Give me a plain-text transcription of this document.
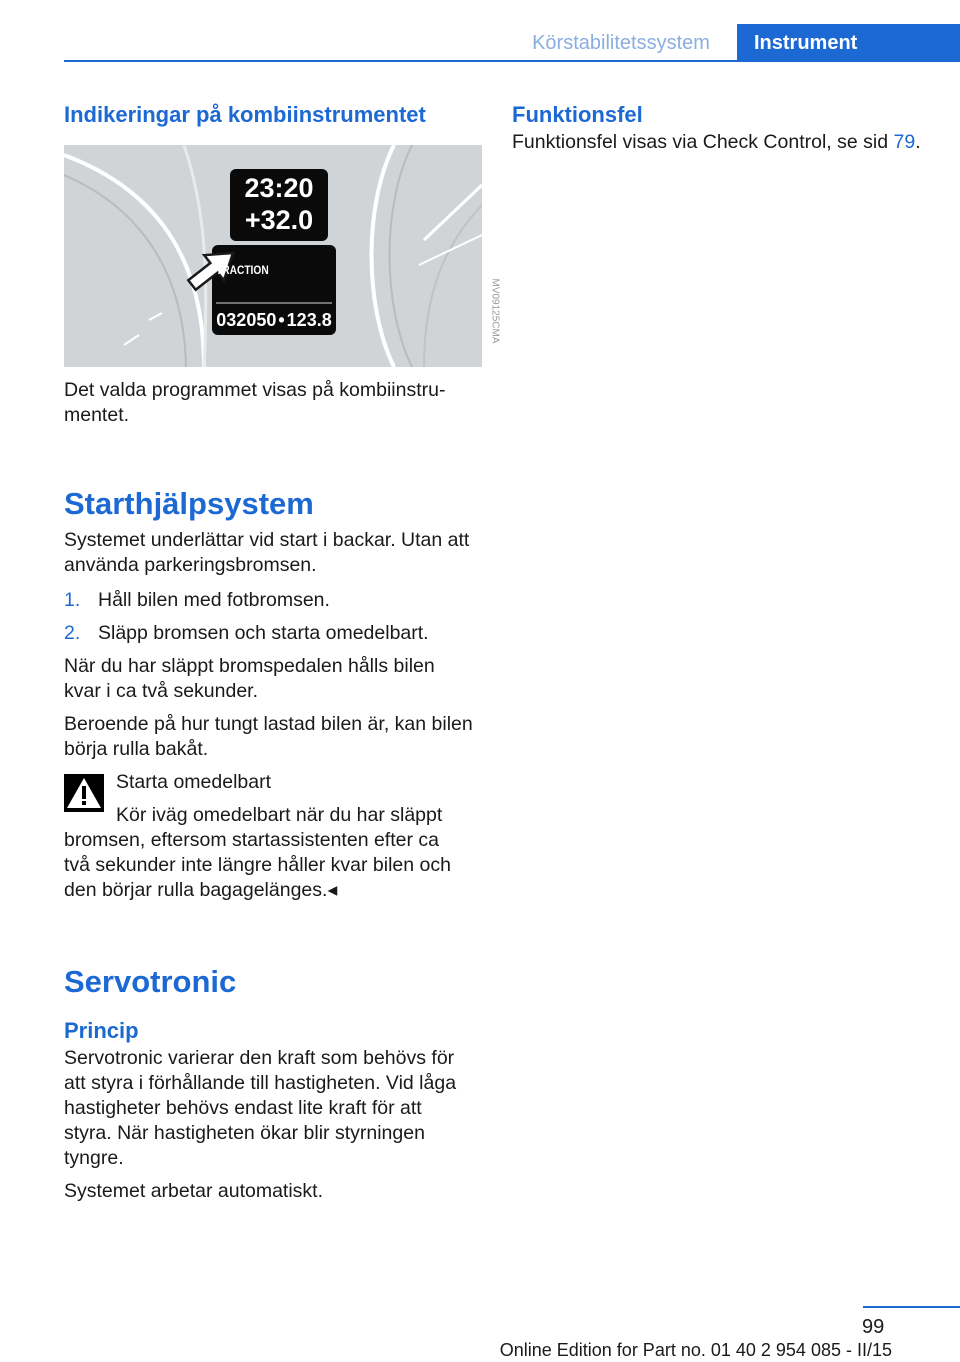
Körstabilitetssystem	Instrument
Indikeringar på kombiinstrumentet
23:20
+32.0
TRACTION
032050 • 123.8	MV09125CMA

Det valda programmet visas på kombiinstru-mentet.

Starthjälpsystem

Systemet underlättar vid start i backar. Utan att använda parkeringsbromsen.

1. Håll bilen med fotbromsen.
2. Släpp bromsen och starta omedelbart.

När du har släppt bromspedalen hålls bilen kvar i ca två sekunder.

Beroende på hur tungt lastad bilen är, kan bilen börja rulla bakåt.

Starta omedelbart

Kör iväg omedelbart när du har släppt bromsen, eftersom startassistenten efter ca två sekunder inte längre håller kvar bilen och den börjar rulla bagagelänges.◂

Servotronic
Princip

Servotronic varierar den kraft som behövs för att styra i förhållande till hastigheten. Vid låga hastigheter behövs endast lite kraft för att styra. När hastigheten ökar blir styrningen tyngre.

Systemet arbetar automatiskt.

Funktionsfel

Funktionsfel visas via Check Control, se sid 79.

99
Online Edition for Part no. 01 40 2 954 085 - II/15
